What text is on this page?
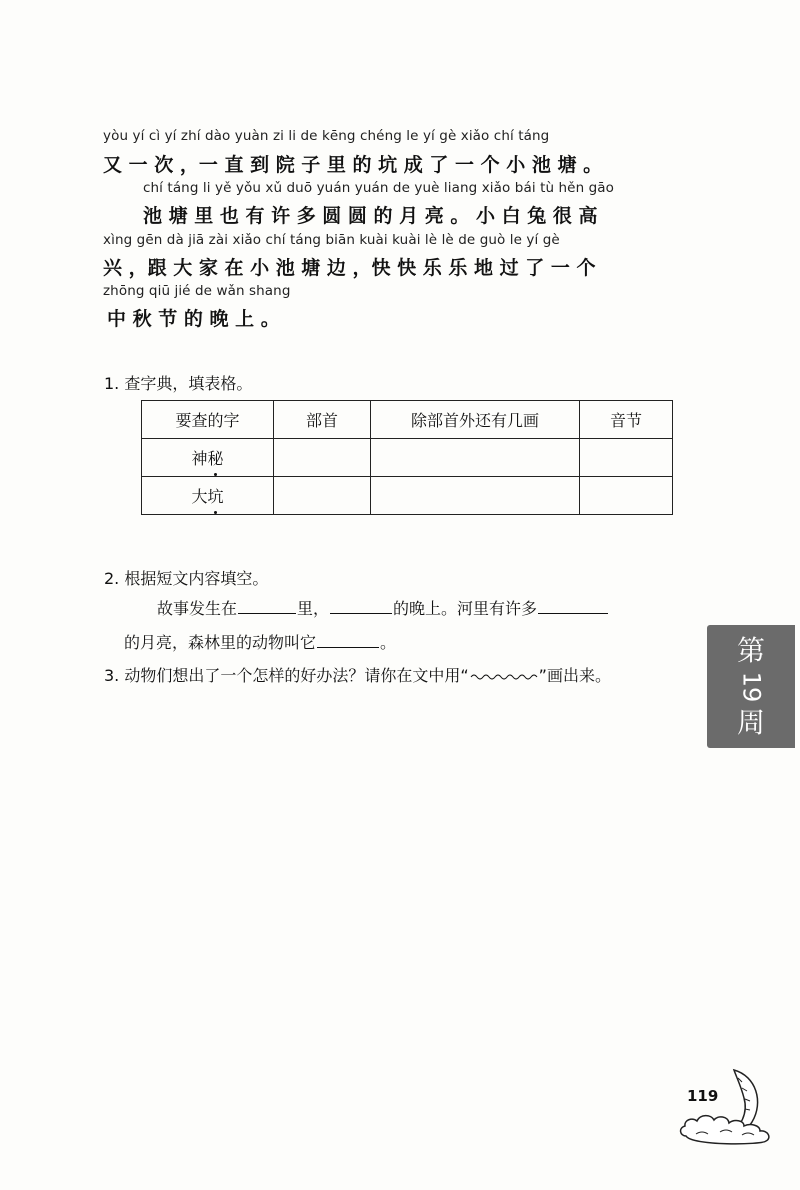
yòu yí cì yí zhí dào yuàn zi li de kēng chéng le yí gè xiǎo chí táng
又 一 次 ，一 直 到 院 子 里 的 坑 成 了 一 个 小 池 塘 。
chí táng li yě yǒu xǔ duō yuán yuán de yuè liang xiǎo bái tù hěn gāo
池 塘 里 也 有 许 多 圆 圆 的 月 亮 。 小 白 兔 很 高
xìng gēn dà jiā zài xiǎo chí táng biān kuài kuài lè lè de guò le yí gè
兴 ，跟 大 家 在 小 池 塘 边 ，快 快 乐 乐 地 过 了 一 个
zhōng qiū jié de wǎn shang
中 秋 节 的 晚 上 。
1. 查字典，填表格。
要查的字	部首	除部首外还有几画	音节
神秘			
大坑			
2. 根据短文内容填空。
故事发生在	里，	的晚上。河里有许多
的月亮，森林里的动物叫它	。
3. 动物们想出了一个怎样的好办法？请你在文中用“	”画出来。
第
19
周
119
